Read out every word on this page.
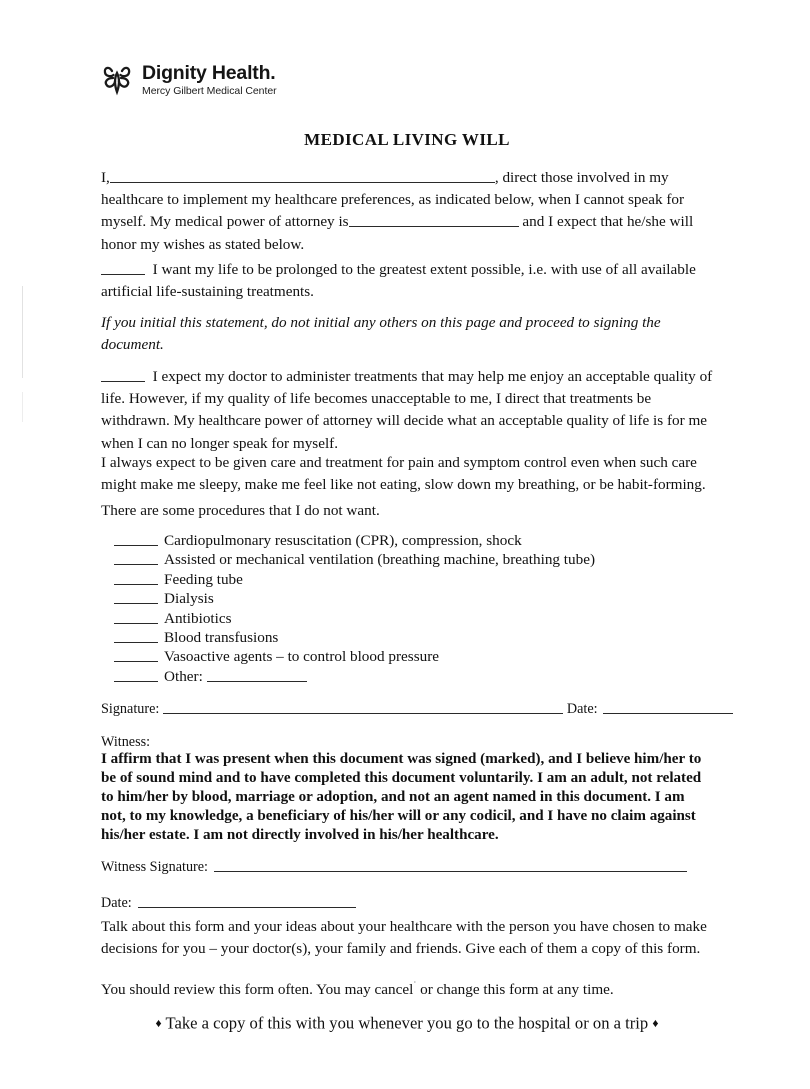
Dignity Health.
Mercy Gilbert Medical Center
MEDICAL LIVING WILL
I,	, direct those involved in my healthcare to implement my healthcare preferences, as indicated below, when I cannot speak for myself. My medical power of attorney is	and I expect that he/she will honor my wishes as stated below.
I want my life to be prolonged to the greatest extent possible, i.e. with use of all available artificial life-sustaining treatments.
If you initial this statement, do not initial any others on this page and proceed to signing the document.
I expect my doctor to administer treatments that may help me enjoy an acceptable quality of life. However, if my quality of life becomes unacceptable to me, I direct that treatments be withdrawn. My healthcare power of attorney will decide what an acceptable quality of life is for me when I can no longer speak for myself.
I always expect to be given care and treatment for pain and symptom control even when such care might make me sleepy, make me feel like not eating, slow down my breathing, or be habit-forming.
There are some procedures that I do not want.
Cardiopulmonary resuscitation (CPR), compression, shock
Assisted or mechanical ventilation (breathing machine, breathing tube)
Feeding tube
Dialysis
Antibiotics
Blood transfusions
Vasoactive agents – to control blood pressure
Other:
Signature:	Date:
Witness:
I affirm that I was present when this document was signed (marked), and I believe him/her to be of sound mind and to have completed this document voluntarily. I am an adult, not related to him/her by blood, marriage or adoption, and not an agent named in this document. I am not, to my knowledge, a beneficiary of his/her will or any codicil, and I have no claim against his/her estate. I am not directly involved in his/her healthcare.
Witness Signature:
Date:
Talk about this form and your ideas about your healthcare with the person you have chosen to make decisions for you – your doctor(s), your family and friends. Give each of them a copy of this form.
You should review this form often. You may cancel˙ or change this form at any time.
♦ Take a copy of this with you whenever you go to the hospital or on a trip ♦
